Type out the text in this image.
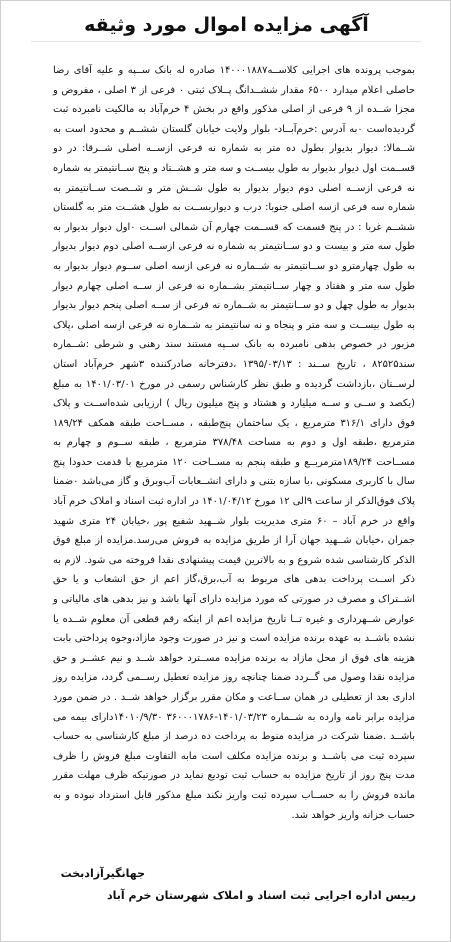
آگهی مزایده اموال مورد وثیقه
بموجب پرونده های اجرایی کلاســه۱۴۰۰۰۱۸۸۷ صادره له بانک ســپه و علیه آقای رضا حاصلی اعلام میدارد ۶۵۰۰ مقدار ششــدانگ پــلاک ثبتی ۰ فرعی از ۳ اصلی ، مفروض و مجزا شــده از ۹ فرعی از اصلی مذکور واقع در بخش ۴ خرم‌آباد به مالکیت نامبرده ثبت گردیده‌است ۰به آدرس :خرم‌آبــاد- بلوار ولایت خیابان گلستان ششــم و محدود است به شــمالا: دیوار بدیوار بطول ده متر به شماره نه فرعی ازســه اصلی شــرقا: در دو قســمت اول دیوار بدیوار به طول بیســت و سه متر و هشــتاد و پنج ســانتیمتر به شماره نه فرعی ازســه اصلی دوم دیوار بدیوار به طول شــش متر و شــصت ســانتیمتر به شماره سه فرعی ازسه اصلی جنوبا: درب و دیواربســت به طول هشــت متر به گلستان ششــم غربا : در پنج قسمت که قســمت چهارم آن شمالی اســت ۰اول دیوار بدیوار به طول سه متر و بیست و دو ســانتیمتر به شماره نه فرعی ازســه اصلی دوم دیوار بدیوار به طول چهارمترو دو ســانتیمتر به شــماره نه فرعی ازسه اصلی ســوم دیوار بدیوار به طول سه متر و هفتاد و چهار ســانتیمتر بشــماره نه فرعی از ســه اصلی چهارم دیوار بدیوار به طول چهل و دو ســانتیمتر به شــماره نه فرعی از ســه اصلی پنجم دیوار بدیوار به طول بیســت و سه متر و پنجاه و نه سانتیمتر به شــماره نه فرعی ازسه اصلی ،پلاک مزبور در خصوص بدهی نامبرده به بانک ســپه مستند سند رهنی و شرطی :شــماره سند۸۲۵۲۵ ، تاریخ ســند : ۱۳۹۵/۰۳/۱۳ ،دفترخانه صادرکننده ۳شهر خرم‌آباد استان لرســتان ،بازداشت گردیده و طبق نظر کارشناس رسمی در مورخ ۱۴۰۱/۰۳/۰۱ به مبلغ (یکصد و ســی و ســه میلیارد و هشتاد و پنج میلیون ریال ) ارزیابی شده‌اســت و پلاک فوق دارای ۳۱۶/۱ مترمربع ، یک ساختمان پنج‌طبقه ، مســاحت طبقه همکف ۱۸۹/۲۴ مترمربع ،طبقه اول و دوم به مساحت ۳۷۸/۴۸ مترمربع ، طبقه ســوم و چهارم به مســاحت ۱۸۹/۲۴مترمربــع و طبقه پنجم به مســاحت ۱۲۰ مترمربع با قدمت حدودا پنج سال با کاربری مسکونی ،با سازه بتنی و دارای انشــعابات آب‌وبرق و گاز می‌باشد ۰ضمنا پلاک فوق‌الذکر از ساعت ۹الی ۱۲ مورخ ۱۴۰۱/۰۴/۱۲ در اداره ثبت اسناد و املاک خرم آباد واقع در خرم آباد – ۶۰ متری مدیریت بلوار شــهید شفیع پور ،خیابان ۲۴ متری شهید جمران ،خیابان شــهید جهان آرا از طریق مزایده به فروش می‌رسد.مزایده از مبلغ فوق الذکر کارشناسی شده شروع و به بالاترین قیمت پیشنهادی نقدا فروخته می شود. لازم به ذکر اســت پرداخت بدهی های مربوط به آب،برق،گاز اعم از حق انشعاب و یا حق اشــتراک و مصرف در صورتی که مورد مزایده دارای آنها باشد و نیز بدهی های مالیاتی و عوارض شــهرداری و غیره تــا تاریخ مزایده اعم از اینکه رقم قطعی آن معلوم شــده یا نشده باشــد به عهده برنده مزایده است و نیز در صورت وجود مازاد،وجوه پرداختی بابت هزینه های فوق از محل مازاد به برنده مزایده مســترد خواهد شــد و نیم عشــر و حق مزایده نقدا وصول می گــردد ضمنا چنانچه روز مزایده تعطیل رســمی گردد، مزایده روز اداری بعد از تعطیلی در همان ســاعت و مکان مقرر برگزار خواهد شــد . در ضمن مورد مزایده برابر نامه وارده به شــماره ۱۴۰۱/۰۳/۲۳-۳۶۰۰۰۱۷۸۶ ۱۴۰۱۰/۹/۳۰دارای بیمه می باشــد .ضمنا شرکت در مزایده منوط به پرداخت ده درصد از مبلغ کارشناسی به حساب سپرده ثبت می باشــد و برنده مزایده مکلف است مابه التفاوت مبلغ فروش را ظرف مدت پنج روز از تاریخ مزایده به حساب ثبت تودیع نماید در صورتیکه ظرف مهلت مقرر مانده فروش را به حســاب سپرده ثبت واریز نکند مبلغ مذکور قابل استرداد نبوده و به حساب خزانه واریز خواهد شد.
جهانگیرآزادبخت
رییس اداره اجرایی ثبت اسناد و املاک شهرستان خرم آباد
